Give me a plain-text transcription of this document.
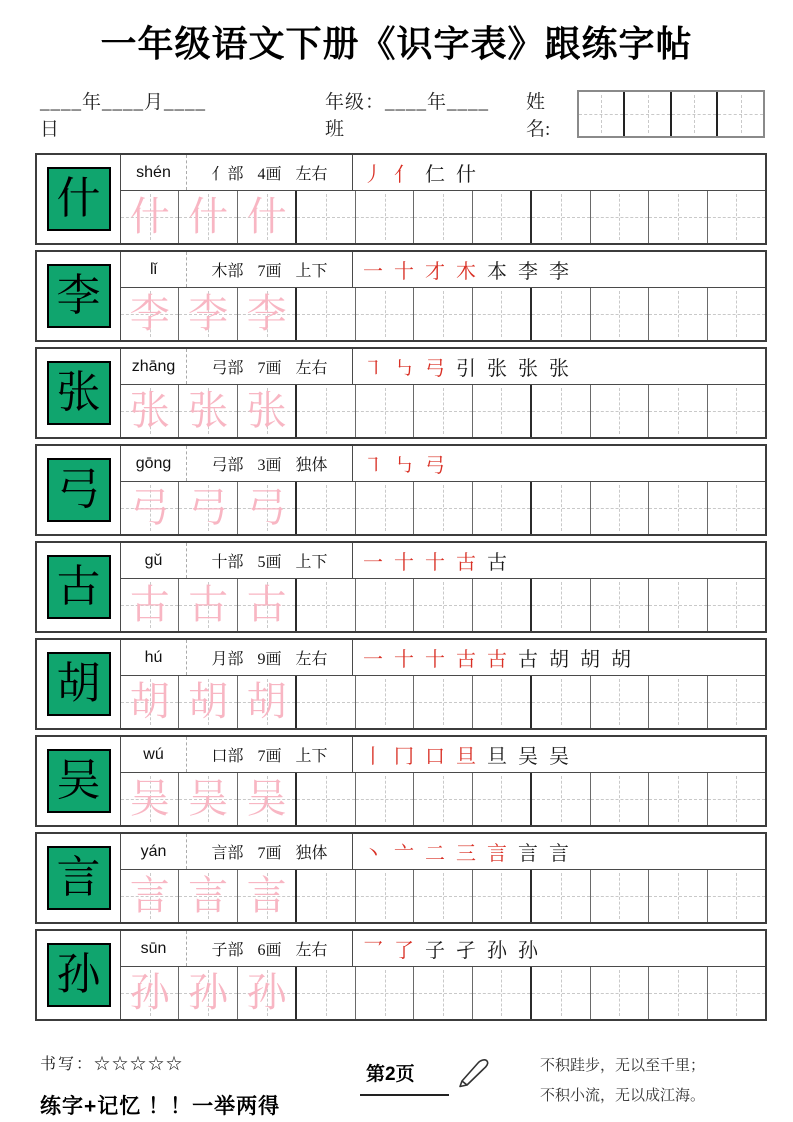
一年级语文下册《识字表》跟练字帖
____年____月____日
年级：____年____班
姓名:
什
shén	亻部 4画 左右 丿 亻 仁 什
什 什 什
李
lǐ	木部 7画 上下 一 十 才 木 本 李 李
李 李 李
张
zhāng	弓部 7画 左右 ㇕ ㇉ 弓 引 张 张 张
张 张 张
弓
gōng	弓部 3画 独体 ㇕ ㇉ 弓
弓 弓 弓
古
gǔ	十部 5画 上下 一 十 十 古 古
古 古 古
胡
hú	月部 9画 左右 一 十 十 古 古 古 胡 胡 胡
胡 胡 胡
吴
wú	口部 7画 上下 丨 冂 口 旦 旦 吴 吴
吴 吴 吴
言
yán	言部 7画 独体 丶 亠 二 三 言 言 言
言 言 言
孙
sūn	子部 6画 左右 乛 了 子 孑 孙 孙
孙 孙 孙
书写：☆☆☆☆☆
练字+记忆 ！！一举两得
第2页	不积跬步，无以至千里；
不积小流，无以成江海。
